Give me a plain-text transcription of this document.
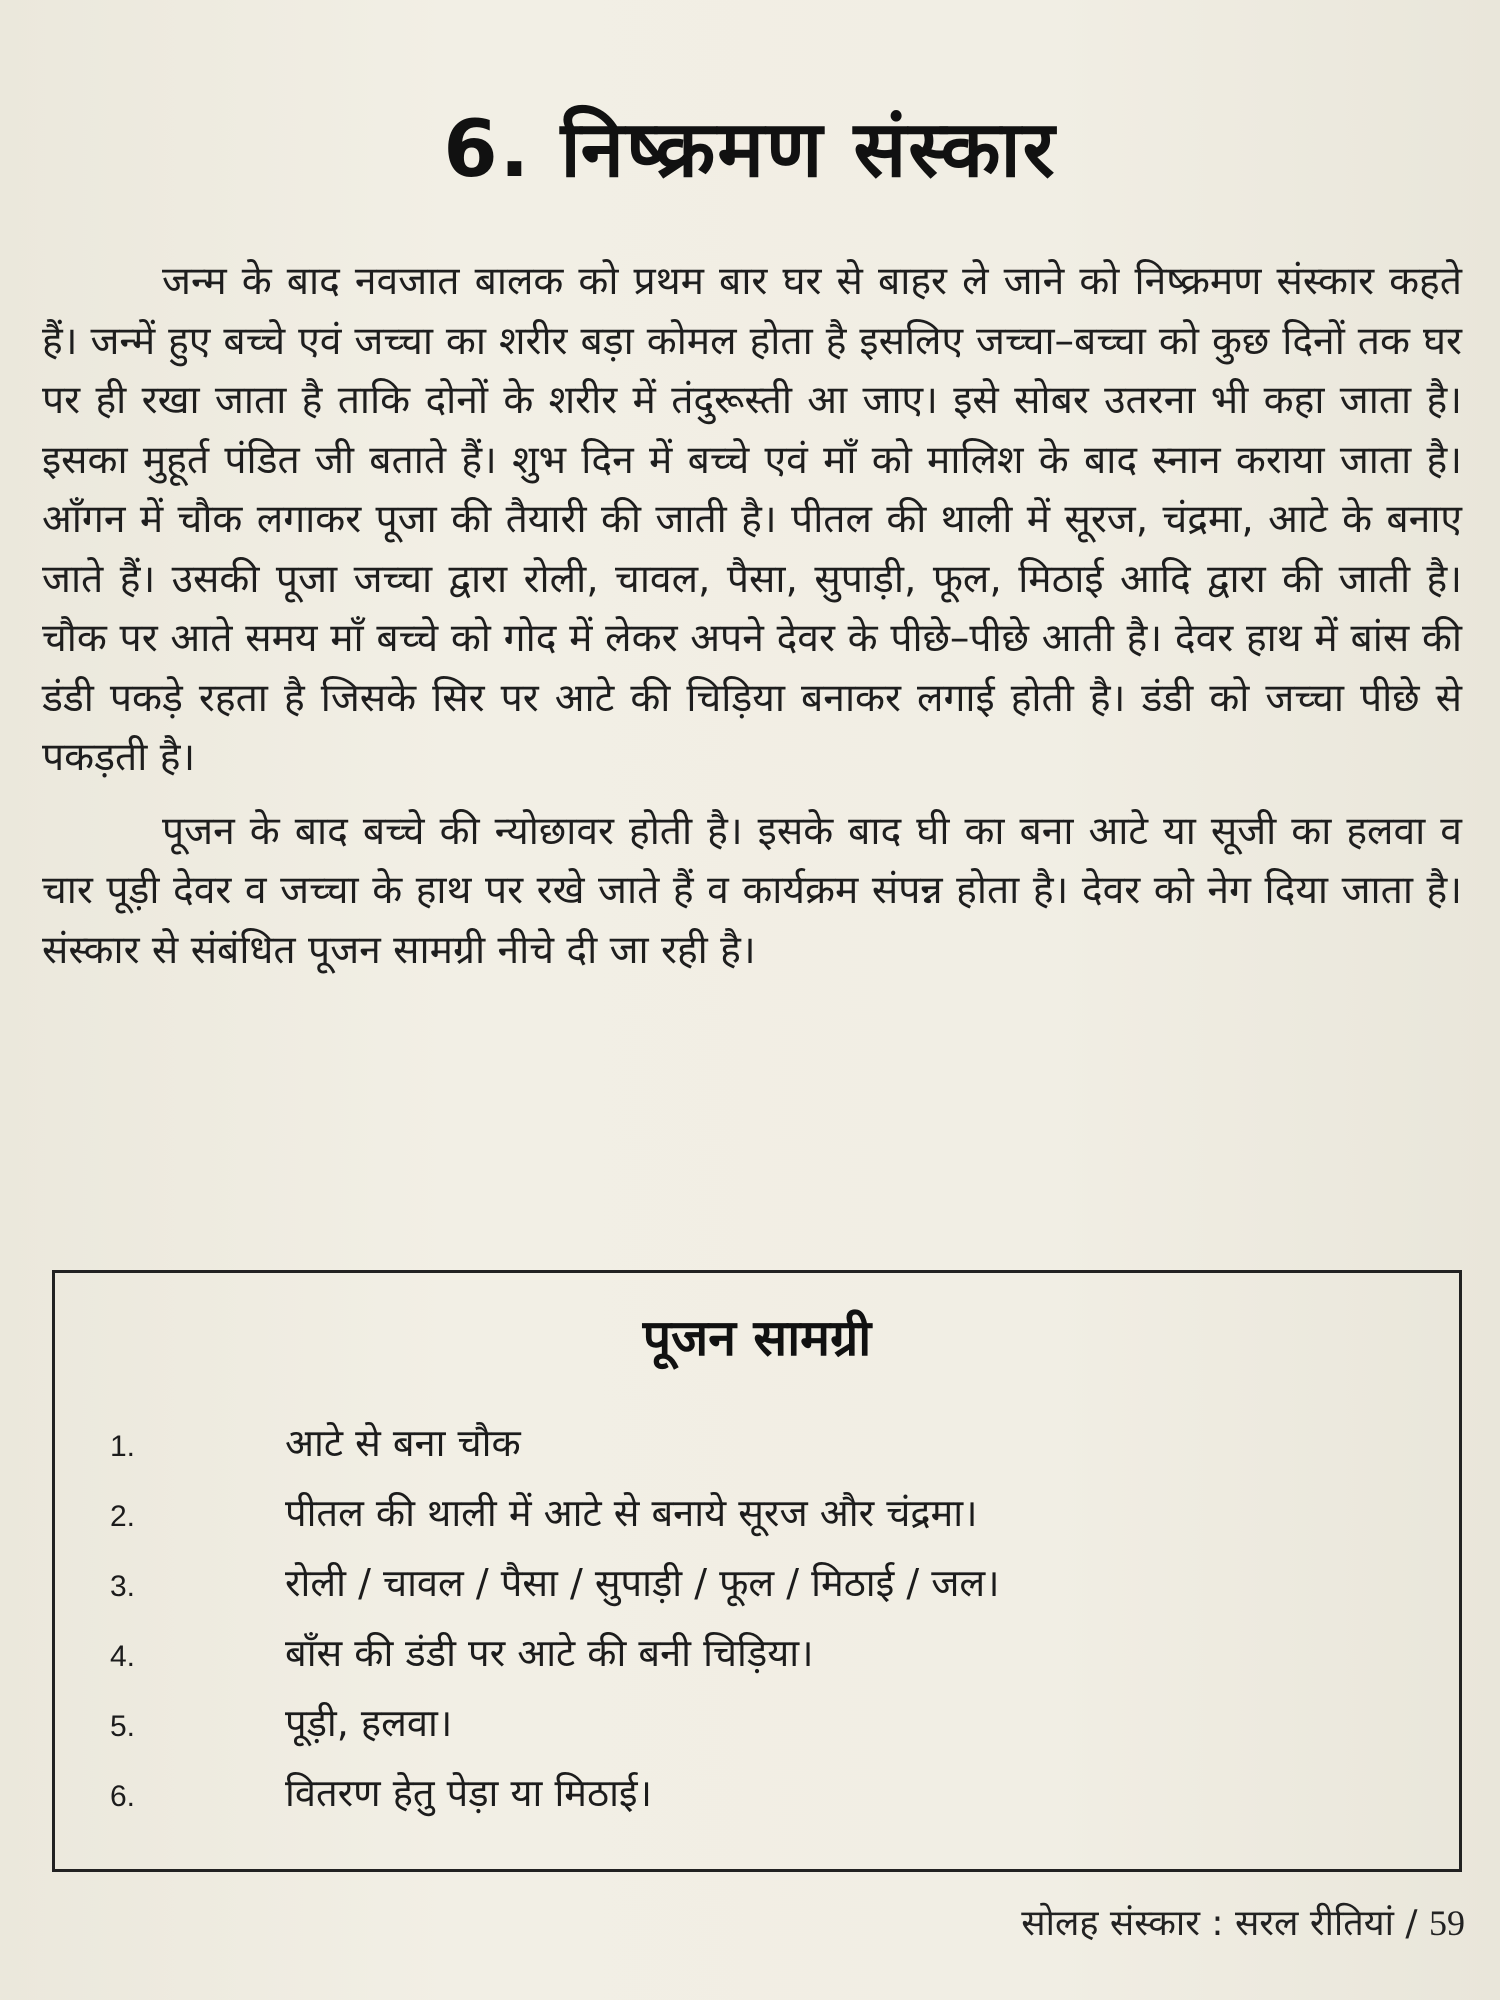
6. निष्क्रमण संस्कार

जन्म के बाद नवजात बालक को प्रथम बार घर से बाहर ले जाने को निष्क्रमण संस्कार कहते हैं। जन्में हुए बच्चे एवं जच्चा का शरीर बड़ा कोमल होता है इसलिए जच्चा–बच्चा को कुछ दिनों तक घर पर ही रखा जाता है ताकि दोनों के शरीर में तंदुरूस्ती आ जाए। इसे सोबर उतरना भी कहा जाता है। इसका मुहूर्त पंडित जी बताते हैं। शुभ दिन में बच्चे एवं माँ को मालिश के बाद स्नान कराया जाता है। आँगन में चौक लगाकर पूजा की तैयारी की जाती है। पीतल की थाली में सूरज, चंद्रमा, आटे के बनाए जाते हैं। उसकी पूजा जच्चा द्वारा रोली, चावल, पैसा, सुपाड़ी, फूल, मिठाई आदि द्वारा की जाती है। चौक पर आते समय माँ बच्चे को गोद में लेकर अपने देवर के पीछे–पीछे आती है। देवर हाथ में बांस की डंडी पकड़े रहता है जिसके सिर पर आटे की चिड़िया बनाकर लगाई होती है। डंडी को जच्चा पीछे से पकड़ती है।

पूजन के बाद बच्चे की न्योछावर होती है। इसके बाद घी का बना आटे या सूजी का हलवा व चार पूड़ी देवर व जच्चा के हाथ पर रखे जाते हैं व कार्यक्रम संपन्न होता है। देवर को नेग दिया जाता है। संस्कार से संबंधित पूजन सामग्री नीचे दी जा रही है।

पूजन सामग्री
1.	आटे से बना चौक
2.	पीतल की थाली में आटे से बनाये सूरज और चंद्रमा।
3.	रोली / चावल / पैसा / सुपाड़ी / फूल / मिठाई / जल।
4.	बाँस की डंडी पर आटे की बनी चिड़िया।
5.	पूड़ी, हलवा।
6.	वितरण हेतु पेड़ा या मिठाई।
सोलह संस्कार : सरल रीतियां / 59
